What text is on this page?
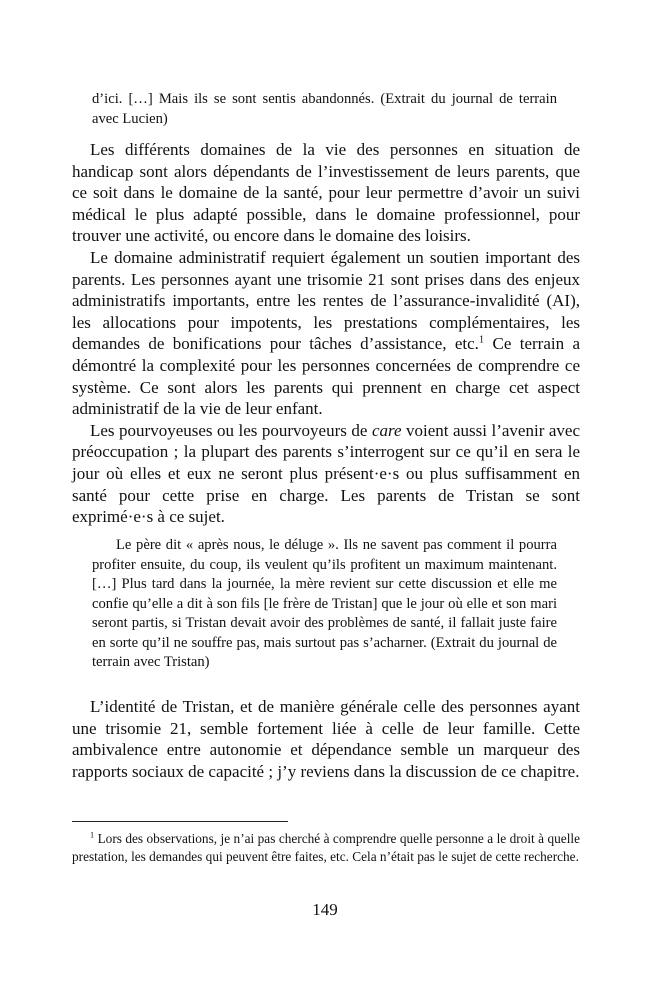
d’ici. […] Mais ils se sont sentis abandonnés. (Extrait du journal de terrain avec Lucien)

Les différents domaines de la vie des personnes en situation de handicap sont alors dépendants de l’investissement de leurs parents, que ce soit dans le domaine de la santé, pour leur permettre d’avoir un suivi médical le plus adapté possible, dans le domaine professionnel, pour trouver une activité, ou encore dans le domaine des loisirs.

Le domaine administratif requiert également un soutien important des parents. Les personnes ayant une trisomie 21 sont prises dans des enjeux administratifs importants, entre les rentes de l’assurance-invalidité (AI), les allocations pour impotents, les prestations complémentaires, les demandes de bonifications pour tâches d’assistance, etc.$^1$ Ce terrain a démontré la complexité pour les personnes concernées de comprendre ce système. Ce sont alors les parents qui prennent en charge cet aspect administratif de la vie de leur enfant.

Les pourvoyeuses ou les pourvoyeurs de care voient aussi l’avenir avec préoccupation ; la plupart des parents s’interrogent sur ce qu’il en sera le jour où elles et eux ne seront plus présent·e·s ou plus suffisamment en santé pour cette prise en charge. Les parents de Tristan se sont exprimé·e·s à ce sujet.

Le père dit « après nous, le déluge ». Ils ne savent pas comment il pourra profiter ensuite, du coup, ils veulent qu’ils profitent un maximum maintenant. […] Plus tard dans la journée, la mère revient sur cette discussion et elle me confie qu’elle a dit à son fils [le frère de Tristan] que le jour où elle et son mari seront partis, si Tristan devait avoir des problèmes de santé, il fallait juste faire en sorte qu’il ne souffre pas, mais surtout pas s’acharner. (Extrait du journal de terrain avec Tristan)

L’identité de Tristan, et de manière générale celle des personnes ayant une trisomie 21, semble fortement liée à celle de leur famille. Cette ambivalence entre autonomie et dépendance semble un marqueur des rapports sociaux de capacité ; j’y reviens dans la discussion de ce chapitre.

$^1$ Lors des observations, je n’ai pas cherché à comprendre quelle personne a le droit à quelle prestation, les demandes qui peuvent être faites, etc. Cela n’était pas le sujet de cette recherche.
149
